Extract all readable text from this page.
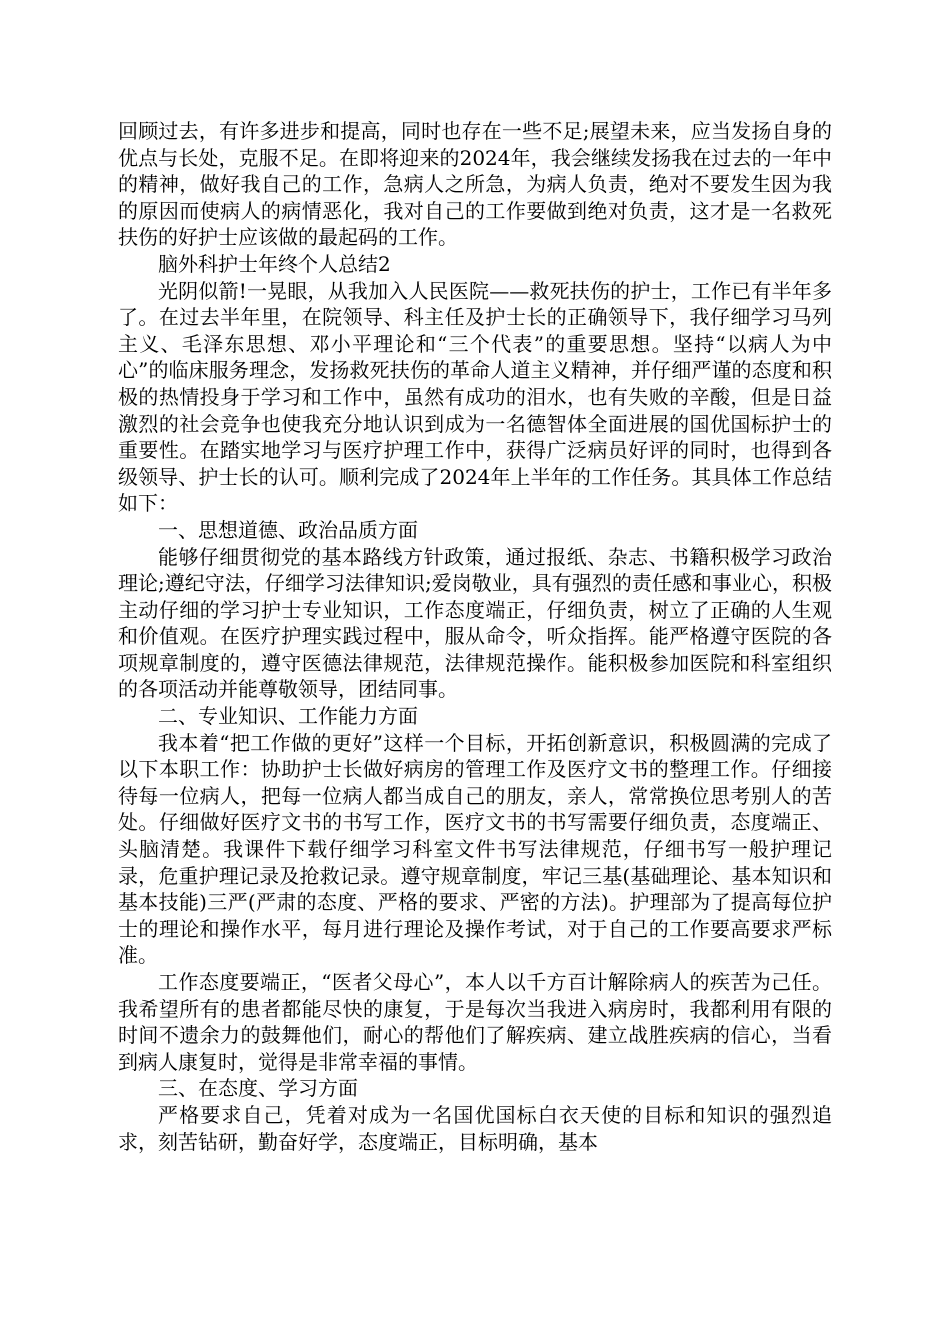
回顾过去，有许多进步和提高，同时也存在一些不足;展望未来，应当发扬自身的优点与长处，克服不足。在即将迎来的2024年，我会继续发扬我在过去的一年中的精神，做好我自己的工作，急病人之所急，为病人负责，绝对不要发生因为我的原因而使病人的病情恶化，我对自己的工作要做到绝对负责，这才是一名救死扶伤的好护士应该做的最起码的工作。

脑外科护士年终个人总结2

光阴似箭!一晃眼，从我加入人民医院——救死扶伤的护士，工作已有半年多了。在过去半年里，在院领导、科主任及护士长的正确领导下，我仔细学习马列主义、毛泽东思想、邓小平理论和“三个代表”的重要思想。坚持“以病人为中心”的临床服务理念，发扬救死扶伤的革命人道主义精神，并仔细严谨的态度和积极的热情投身于学习和工作中，虽然有成功的泪水，也有失败的辛酸，但是日益激烈的社会竞争也使我充分地认识到成为一名德智体全面进展的国优国标护士的重要性。在踏实地学习与医疗护理工作中，获得广泛病员好评的同时，也得到各级领导、护士长的认可。顺利完成了2024年上半年的工作任务。其具体工作总结如下：

一、思想道德、政治品质方面

能够仔细贯彻党的基本路线方针政策，通过报纸、杂志、书籍积极学习政治理论;遵纪守法，仔细学习法律知识;爱岗敬业，具有强烈的责任感和事业心，积极主动仔细的学习护士专业知识，工作态度端正，仔细负责，树立了正确的人生观和价值观。在医疗护理实践过程中，服从命令，听众指挥。能严格遵守医院的各项规章制度的，遵守医德法律规范，法律规范操作。能积极参加医院和科室组织的各项活动并能尊敬领导，团结同事。

二、专业知识、工作能力方面

我本着“把工作做的更好”这样一个目标，开拓创新意识，积极圆满的完成了以下本职工作：协助护士长做好病房的管理工作及医疗文书的整理工作。仔细接待每一位病人，把每一位病人都当成自己的朋友，亲人，常常换位思考别人的苦处。仔细做好医疗文书的书写工作，医疗文书的书写需要仔细负责，态度端正、头脑清楚。我课件下载仔细学习科室文件书写法律规范，仔细书写一般护理记录，危重护理记录及抢救记录。遵守规章制度，牢记三基(基础理论、基本知识和基本技能)三严(严肃的态度、严格的要求、严密的方法)。护理部为了提高每位护士的理论和操作水平，每月进行理论及操作考试，对于自己的工作要高要求严标准。

工作态度要端正，“医者父母心”，本人以千方百计解除病人的疾苦为己任。我希望所有的患者都能尽快的康复，于是每次当我进入病房时，我都利用有限的时间不遗余力的鼓舞他们，耐心的帮他们了解疾病、建立战胜疾病的信心，当看到病人康复时，觉得是非常幸福的事情。

三、在态度、学习方面

严格要求自己，凭着对成为一名国优国标白衣天使的目标和知识的强烈追求，刻苦钻研，勤奋好学，态度端正，目标明确，基本
